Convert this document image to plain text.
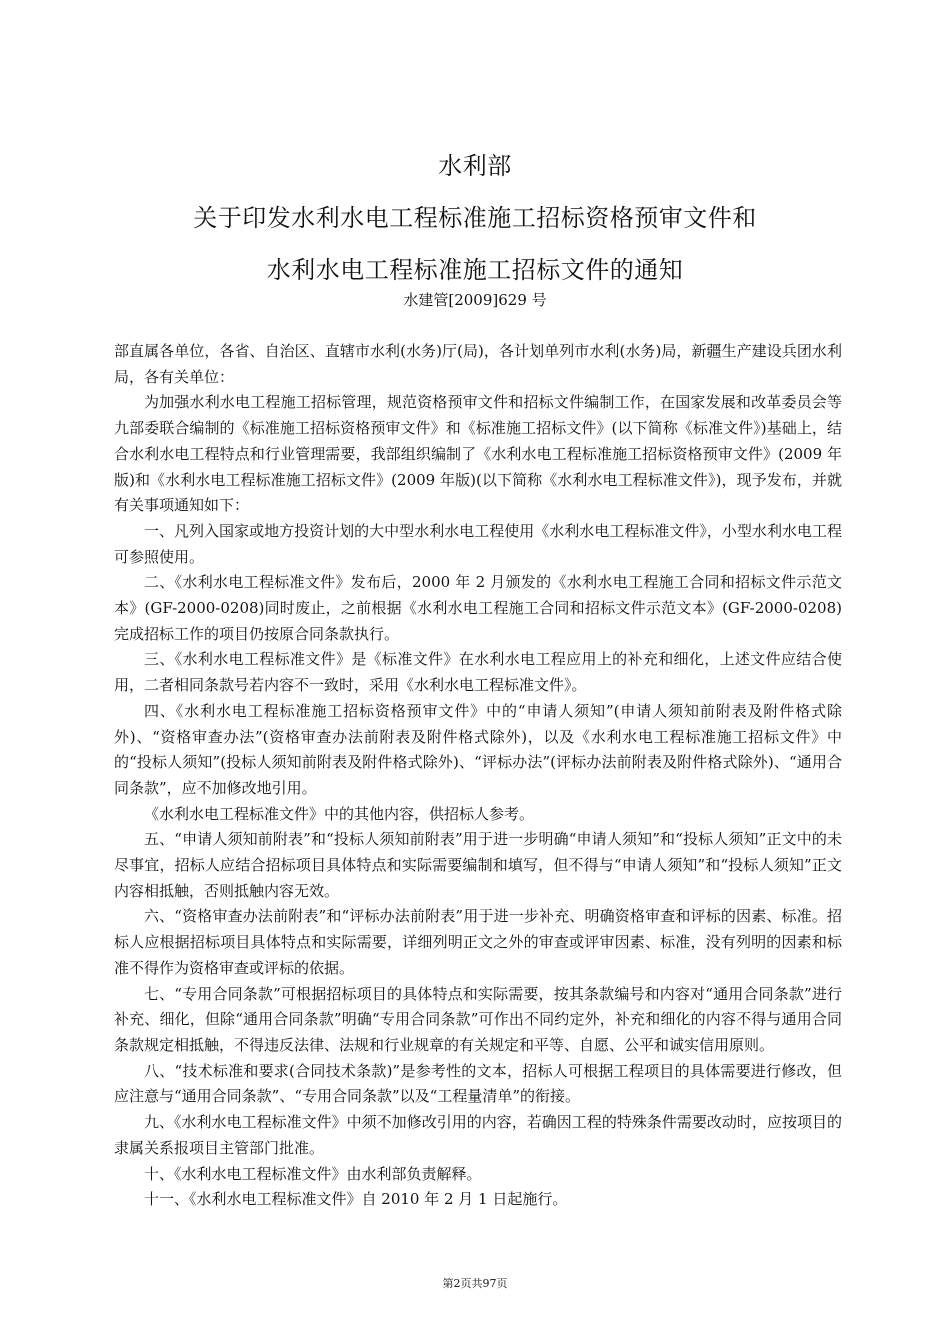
水利部

关于印发水利水电工程标准施工招标资格预审文件和

水利水电工程标准施工招标文件的通知

水建管[2009]629 号

部直属各单位，各省、自治区、直辖市水利(水务)厅(局)，各计划单列市水利(水务)局，新疆生产建设兵团水利局，各有关单位：

为加强水利水电工程施工招标管理，规范资格预审文件和招标文件编制工作，在国家发展和改革委员会等九部委联合编制的《标准施工招标资格预审文件》和《标准施工招标文件》(以下简称《标准文件》)基础上，结合水利水电工程特点和行业管理需要，我部组织编制了《水利水电工程标准施工招标资格预审文件》(2009 年版)和《水利水电工程标准施工招标文件》(2009 年版)(以下简称《水利水电工程标准文件》)，现予发布，并就有关事项通知如下：

一、凡列入国家或地方投资计划的大中型水利水电工程使用《水利水电工程标准文件》，小型水利水电工程可参照使用。

二、《水利水电工程标准文件》发布后，2000 年 2 月颁发的《水利水电工程施工合同和招标文件示范文本》(GF-2000-0208)同时废止，之前根据《水利水电工程施工合同和招标文件示范文本》(GF-2000-0208)完成招标工作的项目仍按原合同条款执行。

三、《水利水电工程标准文件》是《标准文件》在水利水电工程应用上的补充和细化，上述文件应结合使用，二者相同条款号若内容不一致时，采用《水利水电工程标准文件》。

四、《水利水电工程标准施工招标资格预审文件》中的“申请人须知”(申请人须知前附表及附件格式除外)、“资格审查办法”(资格审查办法前附表及附件格式除外)，以及《水利水电工程标准施工招标文件》中的“投标人须知”(投标人须知前附表及附件格式除外)、“评标办法”(评标办法前附表及附件格式除外)、“通用合同条款”，应不加修改地引用。

《水利水电工程标准文件》中的其他内容，供招标人参考。

五、“申请人须知前附表”和“投标人须知前附表”用于进一步明确“申请人须知”和“投标人须知”正文中的未尽事宜，招标人应结合招标项目具体特点和实际需要编制和填写，但不得与“申请人须知”和“投标人须知”正文内容相抵触，否则抵触内容无效。

六、“资格审查办法前附表”和“评标办法前附表”用于进一步补充、明确资格审查和评标的因素、标准。招标人应根据招标项目具体特点和实际需要，详细列明正文之外的审查或评审因素、标准，没有列明的因素和标准不得作为资格审查或评标的依据。

七、“专用合同条款”可根据招标项目的具体特点和实际需要，按其条款编号和内容对“通用合同条款”进行补充、细化，但除“通用合同条款”明确“专用合同条款”可作出不同约定外，补充和细化的内容不得与通用合同条款规定相抵触，不得违反法律、法规和行业规章的有关规定和平等、自愿、公平和诚实信用原则。

八、“技术标准和要求(合同技术条款)”是参考性的文本，招标人可根据工程项目的具体需要进行修改，但应注意与“通用合同条款”、“专用合同条款”以及“工程量清单”的衔接。

九、《水利水电工程标准文件》中须不加修改引用的内容，若确因工程的特殊条件需要改动时，应按项目的隶属关系报项目主管部门批准。

十、《水利水电工程标准文件》由水利部负责解释。

十一、《水利水电工程标准文件》自 2010 年 2 月 1 日起施行。

第2页共97页
